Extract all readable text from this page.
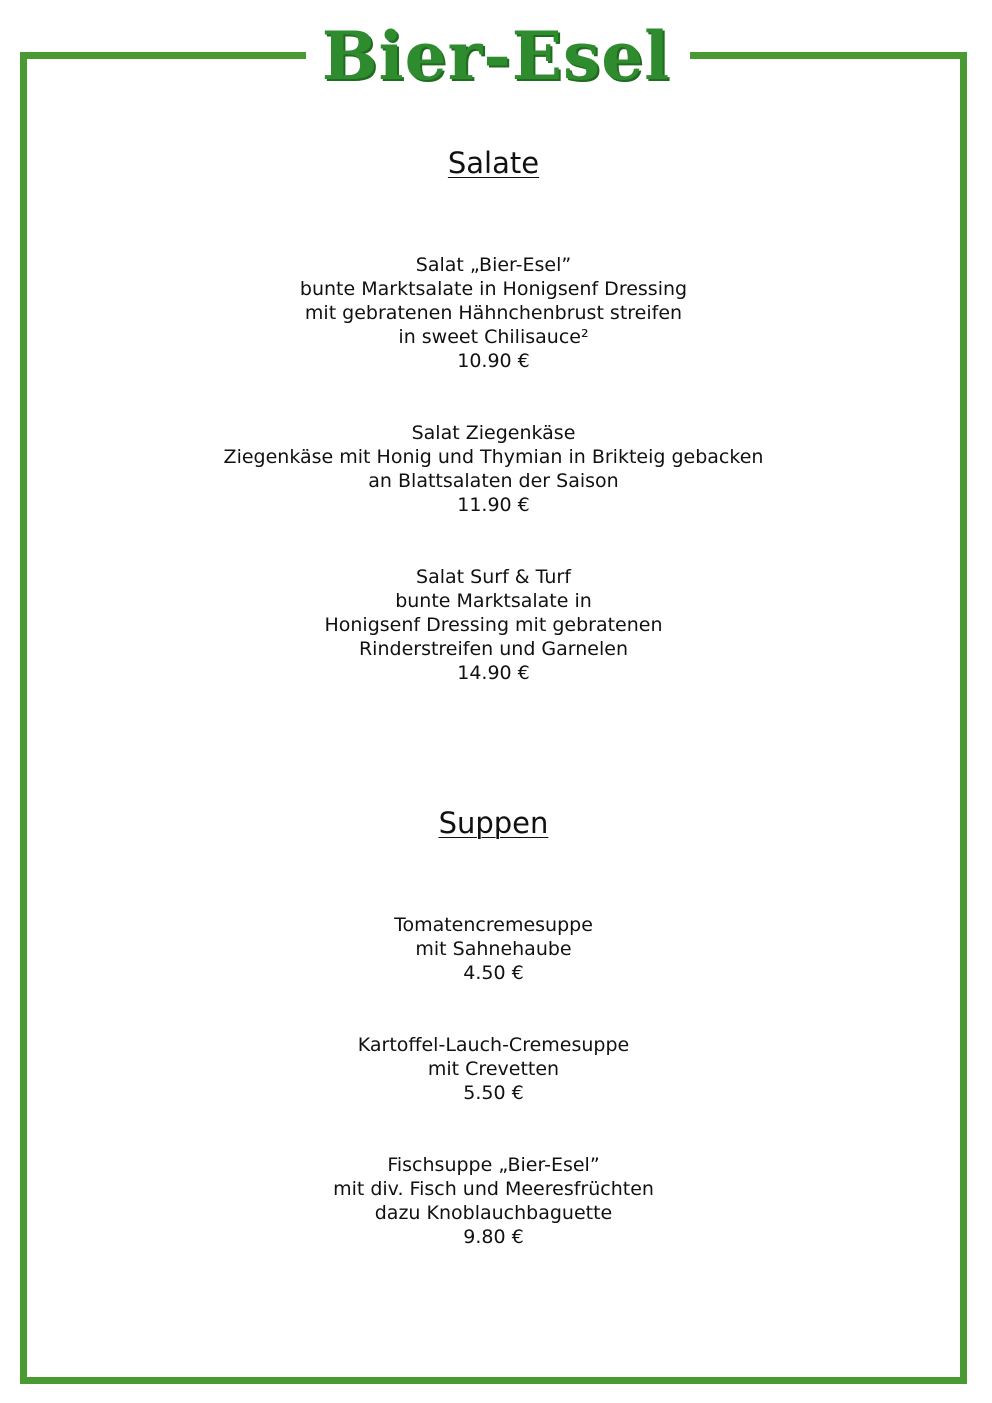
Bier-Esel
Salate
Salat „Bier-Esel”
bunte Marktsalate in Honigsenf Dressing
mit gebratenen Hähnchenbrust streifen
in sweet Chilisauce²
10.90 €
Salat Ziegenkäse
Ziegenkäse mit Honig und Thymian in Brikteig gebacken
an Blattsalaten der Saison
11.90 €
Salat Surf & Turf
bunte Marktsalate in
Honigsenf Dressing mit gebratenen
Rinderstreifen und Garnelen
14.90 €
Suppen
Tomatencremesuppe
mit Sahnehaube
4.50 €
Kartoffel-Lauch-Cremesuppe
mit Crevetten
5.50 €
Fischsuppe „Bier-Esel”
mit div. Fisch und Meeresfrüchten
dazu Knoblauchbaguette
9.80 €
